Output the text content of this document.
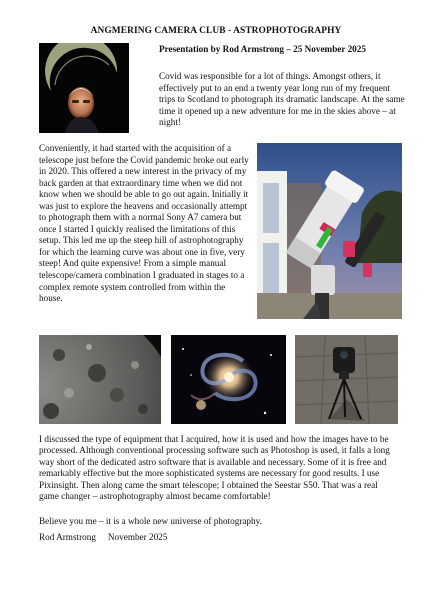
ANGMERING CAMERA CLUB - ASTROPHOTOGRAPHY
Presentation by Rod Armstrong – 25 November 2025

Covid was responsible for a lot of things. Amongst others, it effectively put to an end a twenty year long run of my frequent trips to Scotland to photograph its dramatic landscape. At the same time it opened up a new adventure for me in the skies above – at night!

Conveniently, it had started with the acquisition of a telescope just before the Covid pandemic broke out early in 2020. This offered a new interest in the privacy of my back garden at that extraordinary time when we did not know when we should be able to go out again. Initially it was just to explore the heavens and occasionally attempt to photograph them with a normal Sony A7 camera but once I started I quickly realised the limitations of this setup. This led me up the steep hill of astrophotography for which the learning curve was about one in five, very steep! And quite expensive! From a simple manual telescope/camera combination I graduated in stages to a complex remote system controlled from within the house.

I discussed the type of equipment that I acquired, how it is used and how the images have to be processed. Although conventional processing software such as Photoshop is used, it falls a long way short of the dedicated astro software that is available and necessary. Some of it is free and remarkably effective but the more sophisticated systems are necessary for good results. I use Pixinsight. Then along came the smart telescope; I obtained the Seestar S50. That was a real game changer – astrophotography almost became comfortable!

Believe you me – it is a whole new universe of photography.

Rod Armstrong November 2025
